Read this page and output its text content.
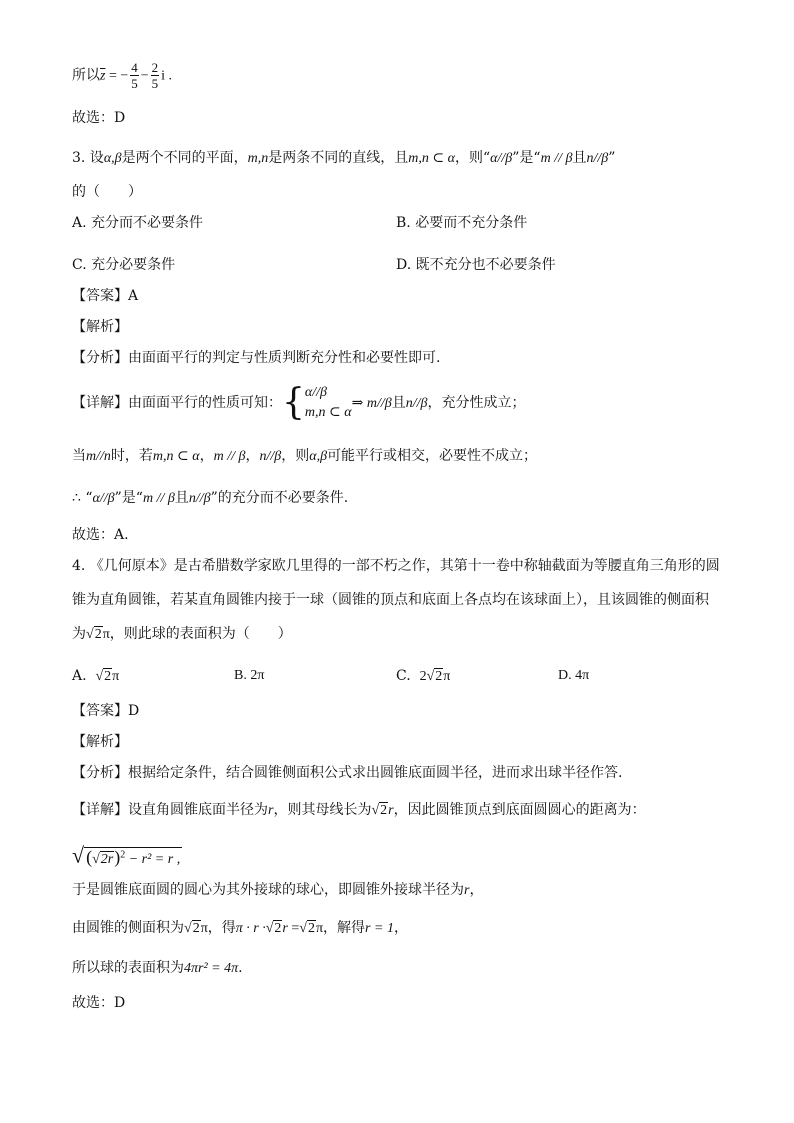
所以$\overline{z}$ = − $\frac{4}{5} - \frac{2}{5}$ i .
故选：D
3. 设α,β是两个不同的平面，m,n是两条不同的直线，且m,n ⊂ α，则“α//β”是“m // β且n//β”
的（　　）
A. 充分而不必要条件	B. 必要而不充分条件
C. 充分必要条件	D. 既不充分也不必要条件
【答案】A
【解析】
【分析】由面面平行的判定与性质判断充分性和必要性即可.
【详解】由面面平行的性质可知：{ α//β
m,n ⊂ α
⇒ m//β且n//β，充分性成立；
当m//n时，若m,n ⊂ α，m // β，n//β，则α,β可能平行或相交，必要性不成立；
∴ “α//β”是“m // β且n//β”的充分而不必要条件.
故选：A.
4. 《几何原本》是古希腊数学家欧几里得的一部不朽之作，其第十一卷中称轴截面为等腰直角三角形的圆
锥为直角圆锥，若某直角圆锥内接于一球（圆锥的顶点和底面上各点均在该球面上），且该圆锥的侧面积
为√2π，则此球的表面积为（　　）
A. √2π	B. 2π	C. 2√2π	D. 4π
【答案】D
【解析】
【分析】根据给定条件，结合圆锥侧面积公式求出圆锥底面圆半径，进而求出球半径作答.
【详解】设直角圆锥底面半径为r，则其母线长为√2r，因此圆锥顶点到底面圆圆心的距离为：
√ $(√2r)^2 - r^2 = r$ ,
于是圆锥底面圆的圆心为其外接球的球心，即圆锥外接球半径为r，
由圆锥的侧面积为√2π，得π · r ·√2r =√2π，解得r = 1，
所以球的表面积为4πr² = 4π.
故选：D
